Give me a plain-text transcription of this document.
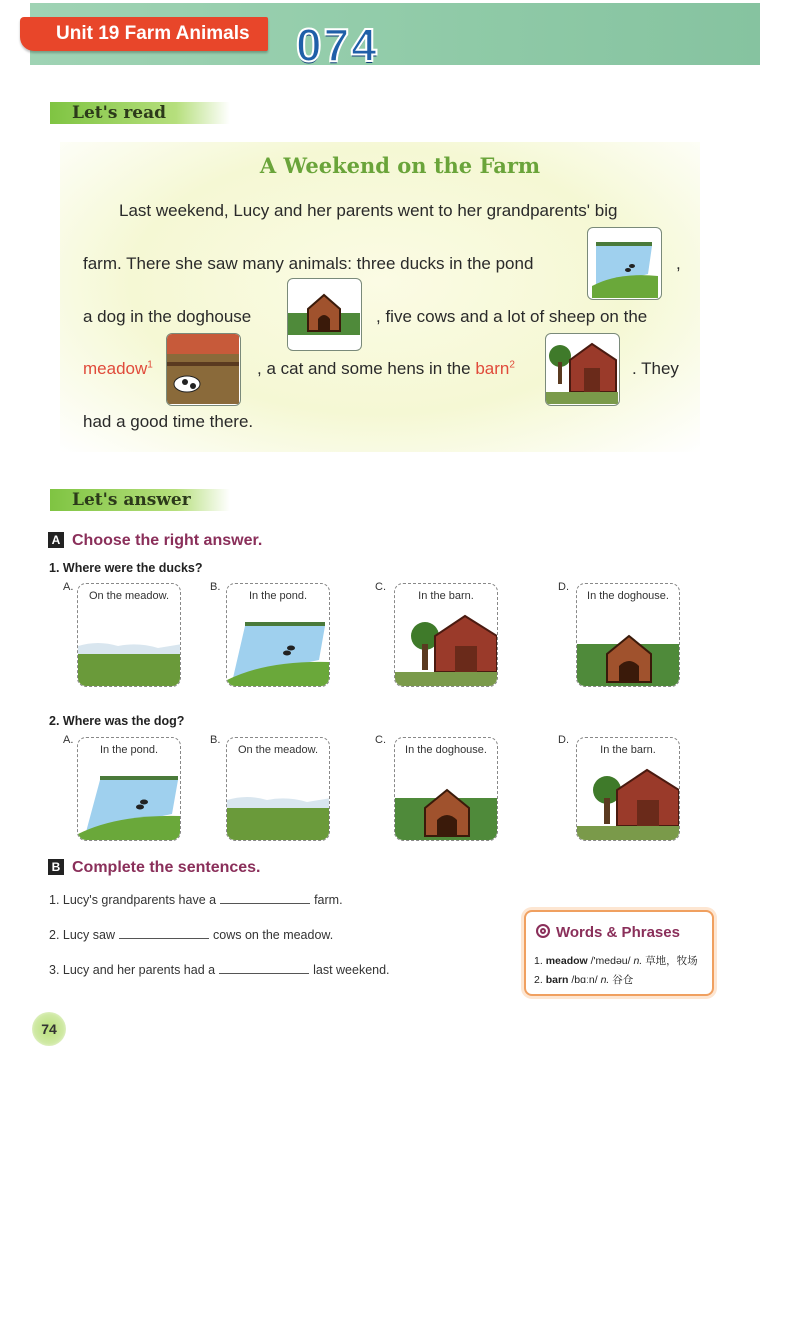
Unit 19 Farm Animals	074
Let's read
A Weekend on the Farm
Last weekend, Lucy and her parents went to her grandparents' big
farm. There she saw many animals: three ducks in the pond	,
a dog in the doghouse	, five cows and a lot of sheep on the
meadow$^1$	, a cat and some hens in the barn$^2$	. They
had a good time there.
Let's answer
A Choose the right answer.
1. Where were the ducks?
A.
On the meadow.
B.
In the pond.
C.
In the barn.
D.
In the doghouse.
2. Where was the dog?
A.
In the pond.
B.
On the meadow.
C.
In the doghouse.
D.
In the barn.
B Complete the sentences.
1. Lucy's grandparents have a	farm.
2. Lucy saw	cows on the meadow.
3. Lucy and her parents had a	last weekend.
Words & Phrases
1. meadow /'medəu/ n. 草地，牧场
2. barn /bɑːn/ n. 谷仓
74
